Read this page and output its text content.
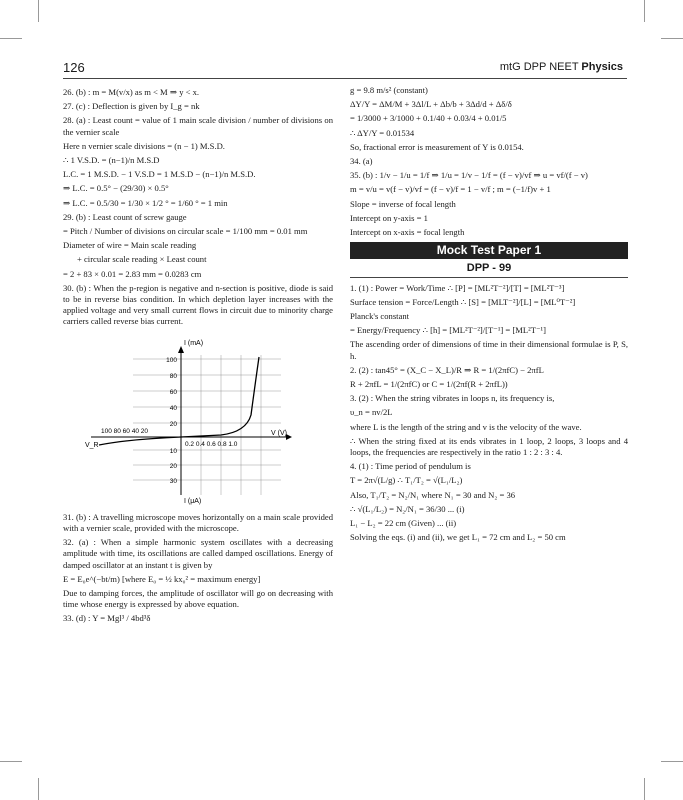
126	mtG DPP NEET Physics

26. (b) : m = M(v/x) as m < M ⇒ y < x.

27. (c) : Deflection is given by I_g = nk

28. (a) : Least count = value of 1 main scale division / number of divisions on the vernier scale

Here n vernier scale divisions = (n − 1) M.S.D.

∴ 1 V.S.D. = (n−1)/n M.S.D

L.C. = 1 M.S.D. − 1 V.S.D = 1 M.S.D − (n−1)/n M.S.D.

⇒ L.C. = 0.5° − (29/30) × 0.5°

⇒ L.C. = 0.5/30 = 1/30 × 1/2 ° = 1/60 ° = 1 min

29. (b) : Least count of screw gauge

= Pitch / Number of divisions on circular scale = 1/100 mm = 0.01 mm

Diameter of wire = Main scale reading

+ circular scale reading × Least count

= 2 + 83 × 0.01 = 2.83 mm = 0.0283 cm

30. (b) : When the p-region is negative and n-section is positive, diode is said to be in reverse bias condition. In which depletion layer increases with the applied voltage and very small current flows in circuit due to minority charge carriers called reverse bias current.

I (mA)
I (μA)
V (V)
V_R
100
80
60
40
20
10
20
30
100 80 60 40 20
0.2 0.4 0.6 0.8 1.0

31. (b) : A travelling microscope moves horizontally on a main scale provided with a vernier scale, provided with the microscope.

32. (a) : When a simple harmonic system oscillates with a decreasing amplitude with time, its oscillations are called damped oscillations. Energy of damped oscillator at an instant t is given by

E = E₀e^(−bt/m) [where E₀ = ½ kx₀² = maximum energy]

Due to damping forces, the amplitude of oscillator will go on decreasing with time whose energy is expressed by above equation.

33. (d) : Y = Mgl³ / 4bd³δ

g = 9.8 m/s² (constant)

ΔY/Y = ΔM/M + 3Δl/L + Δb/b + 3Δd/d + Δδ/δ

= 1/3000 + 3/1000 + 0.1/40 + 0.03/4 + 0.01/5

∴ ΔY/Y = 0.01534

So, fractional error is measurement of Y is 0.0154.

34. (a)

35. (b) : 1/v − 1/u = 1/f ⇒ 1/u = 1/v − 1/f = (f − v)/vf ⇒ u = vf/(f − v)

m = v/u = v(f − v)/vf = (f − v)/f = 1 − v/f ; m = (−1/f)v + 1

Slope = inverse of focal length

Intercept on y-axis = 1

Intercept on x-axis = focal length

Mock Test Paper 1
DPP - 99

1. (1) : Power = Work/Time ∴ [P] = [ML²T⁻²]/[T] = [ML²T⁻³]

Surface tension = Force/Length ∴ [S] = [MLT⁻²]/[L] = [ML⁰T⁻²]

Planck's constant

= Energy/Frequency ∴ [h] = [ML²T⁻²]/[T⁻¹] = [ML²T⁻¹]

The ascending order of dimensions of time in their dimensional formulae is P, S, h.

2. (2) : tan45° = (X_C − X_L)/R ⇒ R = 1/(2πfC) − 2πfL

R + 2πfL = 1/(2πfC) or C = 1/(2πf(R + 2πfL))

3. (2) : When the string vibrates in loops n, its frequency is,

υ_n = nv/2L

where L is the length of the string and v is the velocity of the wave.

∴ When the string fixed at its ends vibrates in 1 loop, 2 loops, 3 loops and 4 loops, the frequencies are respectively in the ratio 1 : 2 : 3 : 4.

4. (1) : Time period of pendulum is

T = 2π√(L/g) ∴ T₁/T₂ = √(L₁/L₂)

Also, T₁/T₂ = N₂/N₁ where N₁ = 30 and N₂ = 36

∴ √(L₁/L₂) = N₂/N₁ = 36/30 ... (i)

L₁ − L₂ = 22 cm (Given) ... (ii)

Solving the eqs. (i) and (ii), we get L₁ = 72 cm and L₂ = 50 cm
